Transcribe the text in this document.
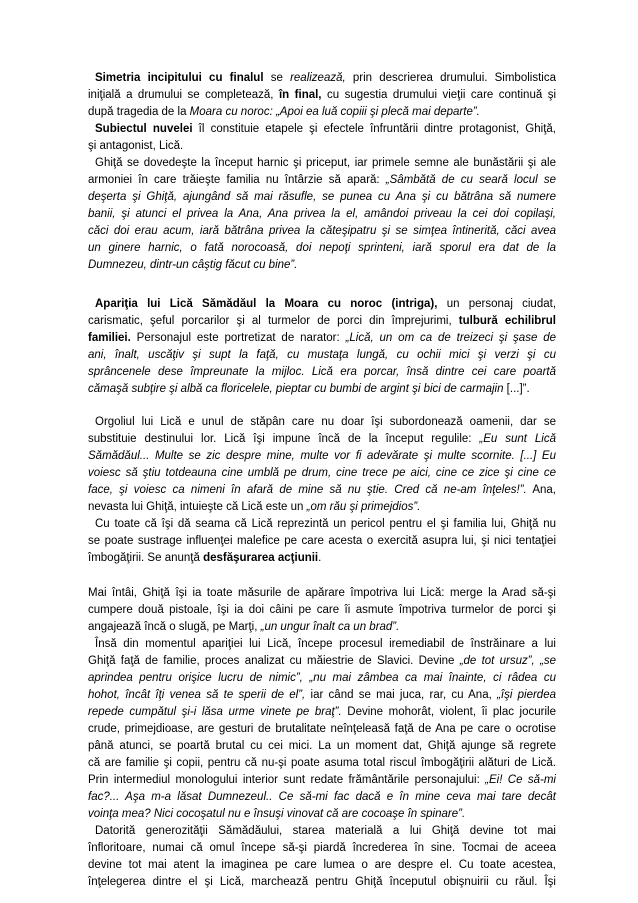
Simetria incipitului cu finalul se realizează, prin descrierea drumului. Simbolistica
iniţială a drumului se completează, în final, cu sugestia drumului vieţii care continuă şi
după tragedia de la Moara cu noroc: „Apoi ea luă copiii şi plecă mai departe”.
Subiectul nuvelei îl constituie etapele şi efectele înfruntării dintre protagonist, Ghiţă,
şi antagonist, Lică.
Ghiţă se dovedeşte la început harnic şi priceput, iar primele semne ale bunăstării şi ale
armoniei în care trăieşte familia nu întârzie să apară: „Sâmbătă de cu seară locul se
deşerta şi Ghiţă, ajungând să mai răsufle, se punea cu Ana şi cu bătrâna să numere
banii, şi atunci el privea la Ana, Ana privea la el, amândoi priveau la cei doi copilaşi,
căci doi erau acum, iară bătrâna privea la căteşipatru şi se simţea întinerită, căci avea
un ginere harnic, o fată norocoasă, doi nepoţi sprinteni, iară sporul era dat de la
Dumnezeu, dintr-un câştig făcut cu bine”.
Apariţia lui Lică Sămădăul la Moara cu noroc (intriga), un personaj ciudat,
carismatic, şeful porcarilor şi al turmelor de porci din împrejurimi, tulbură echilibrul
familiei. Personajul este portretizat de narator: „Lică, un om ca de treizeci şi şase de
ani, înalt, uscăţiv şi supt la faţă, cu mustaţa lungă, cu ochii mici şi verzi şi cu
sprâncenele dese împreunate la mijloc. Lică era porcar, însă dintre cei care poartă
cămaşă subţire şi albă ca floricelele, pieptar cu bumbi de argint şi bici de carmajin [...]”.
Orgoliul lui Lică e unul de stăpân care nu doar îşi subordonează oamenii, dar se
substituie destinului lor. Lică îşi impune încă de la început regulile: „Eu sunt Lică
Sămădăul... Multe se zic despre mine, multe vor fi adevărate şi multe scornite. [...] Eu
voiesc să ştiu totdeauna cine umblă pe drum, cine trece pe aici, cine ce zice şi cine ce
face, şi voiesc ca nimeni în afară de mine să nu ştie. Cred că ne-am înţeles!”. Ana,
nevasta lui Ghiţă, intuieşte că Lică este un „om rău şi primejdios”.
Cu toate că îşi dă seama că Lică reprezintă un pericol pentru el şi familia lui, Ghiţă nu
se poate sustrage influenţei malefice pe care acesta o exercită asupra lui, şi nici tentaţiei
îmbogăţirii. Se anunţă desfăşurarea acţiunii.
Mai întâi, Ghiţă îşi ia toate măsurile de apărare împotriva lui Lică: merge la Arad să-şi
cumpere două pistoale, îşi ia doi câini pe care îi asmute împotriva turmelor de porci şi
angajează încă o slugă, pe Marţi, „un ungur înalt ca un brad”.
Însă din momentul apariţiei lui Lică, începe procesul iremediabil de înstrăinare a lui
Ghiţă faţă de familie, proces analizat cu măiestrie de Slavici. Devine „de tot ursuz”, „se
aprindea pentru orişice lucru de nimic”, „nu mai zâmbea ca mai înainte, ci râdea cu
hohot, încât îţi venea să te sperii de el”, iar când se mai juca, rar, cu Ana, „îşi pierdea
repede cumpătul şi-i lăsa urme vinete pe braţ”. Devine mohorât, violent, îi plac jocurile
crude, primejdioase, are gesturi de brutalitate neînţeleasă faţă de Ana pe care o ocrotise
până atunci, se poartă brutal cu cei mici. La un moment dat, Ghiţă ajunge să regrete
că are familie şi copii, pentru că nu-şi poate asuma total riscul îmbogăţirii alături de Lică.
Prin intermediul monologului interior sunt redate frământările personajului: „Ei! Ce să-mi
fac?... Aşa m-a lăsat Dumnezeul.. Ce să-mi fac dacă e în mine ceva mai tare decât
voinţa mea? Nici cocoşatul nu e însuşi vinovat că are cocoaşe în spinare”.
Datorită generozităţii Sămădăului, starea materială a lui Ghiţă devine tot mai
înfloritoare, numai că omul începe să-şi piardă încrederea în sine. Tocmai de aceea
devine tot mai atent la imaginea pe care lumea o are despre el. Cu toate acestea,
înţelegerea dintre el şi Lică, marchează pentru Ghiţă începutul obişnuirii cu răul. Îşi
